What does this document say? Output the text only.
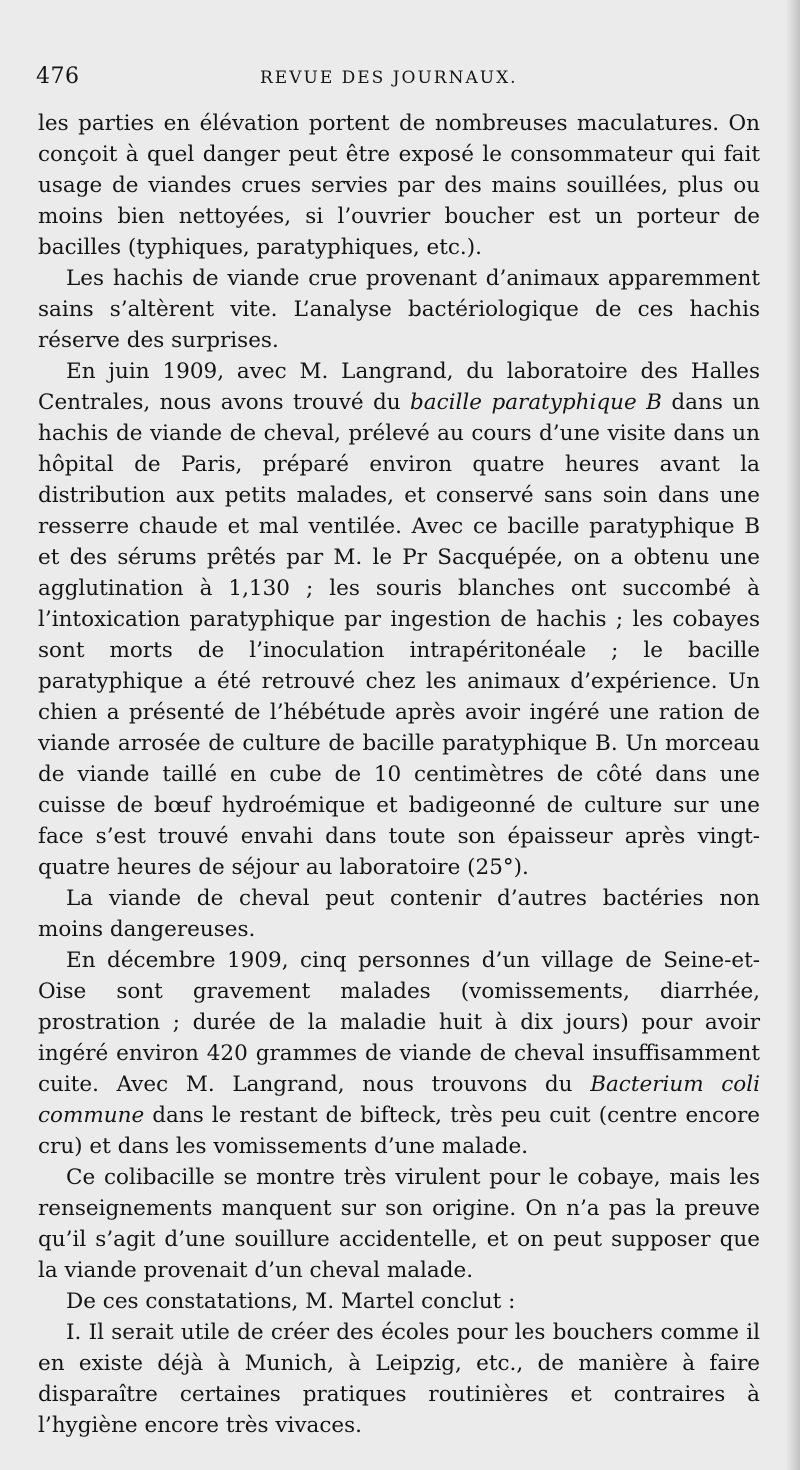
476	REVUE DES JOURNAUX.

les parties en élévation portent de nombreuses maculatures. On conçoit à quel danger peut être exposé le consommateur qui fait usage de viandes crues servies par des mains souillées, plus ou moins bien nettoyées, si l’ouvrier boucher est un porteur de bacilles (typhiques, paratyphiques, etc.).

Les hachis de viande crue provenant d’animaux apparemment sains s’altèrent vite. L’analyse bactériologique de ces hachis réserve des surprises.

En juin 1909, avec M. Langrand, du laboratoire des Halles Centrales, nous avons trouvé du bacille paratyphique B dans un hachis de viande de cheval, prélevé au cours d’une visite dans un hôpital de Paris, préparé environ quatre heures avant la distribution aux petits malades, et conservé sans soin dans une resserre chaude et mal ventilée. Avec ce bacille paratyphique B et des sérums prêtés par M. le Pr Sacquépée, on a obtenu une agglutination à 1,130 ; les souris blanches ont succombé à l’intoxication paratyphique par ingestion de hachis ; les cobayes sont morts de l’inoculation intrapéritonéale ; le bacille paratyphique a été retrouvé chez les animaux d’expérience. Un chien a présenté de l’hébétude après avoir ingéré une ration de viande arrosée de culture de bacille paratyphique B. Un morceau de viande taillé en cube de 10 centimètres de côté dans une cuisse de bœuf hydroémique et badigeonné de culture sur une face s’est trouvé envahi dans toute son épaisseur après vingt-quatre heures de séjour au laboratoire (25°).

La viande de cheval peut contenir d’autres bactéries non moins dangereuses.

En décembre 1909, cinq personnes d’un village de Seine-et-Oise sont gravement malades (vomissements, diarrhée, prostration ; durée de la maladie huit à dix jours) pour avoir ingéré environ 420 grammes de viande de cheval insuffisamment cuite. Avec M. Langrand, nous trouvons du Bacterium coli commune dans le restant de bifteck, très peu cuit (centre encore cru) et dans les vomissements d’une malade.

Ce colibacille se montre très virulent pour le cobaye, mais les renseignements manquent sur son origine. On n’a pas la preuve qu’il s’agit d’une souillure accidentelle, et on peut supposer que la viande provenait d’un cheval malade.

De ces constatations, M. Martel conclut :

I. Il serait utile de créer des écoles pour les bouchers comme il en existe déjà à Munich, à Leipzig, etc., de manière à faire disparaître certaines pratiques routinières et contraires à l’hygiène encore très vivaces.
